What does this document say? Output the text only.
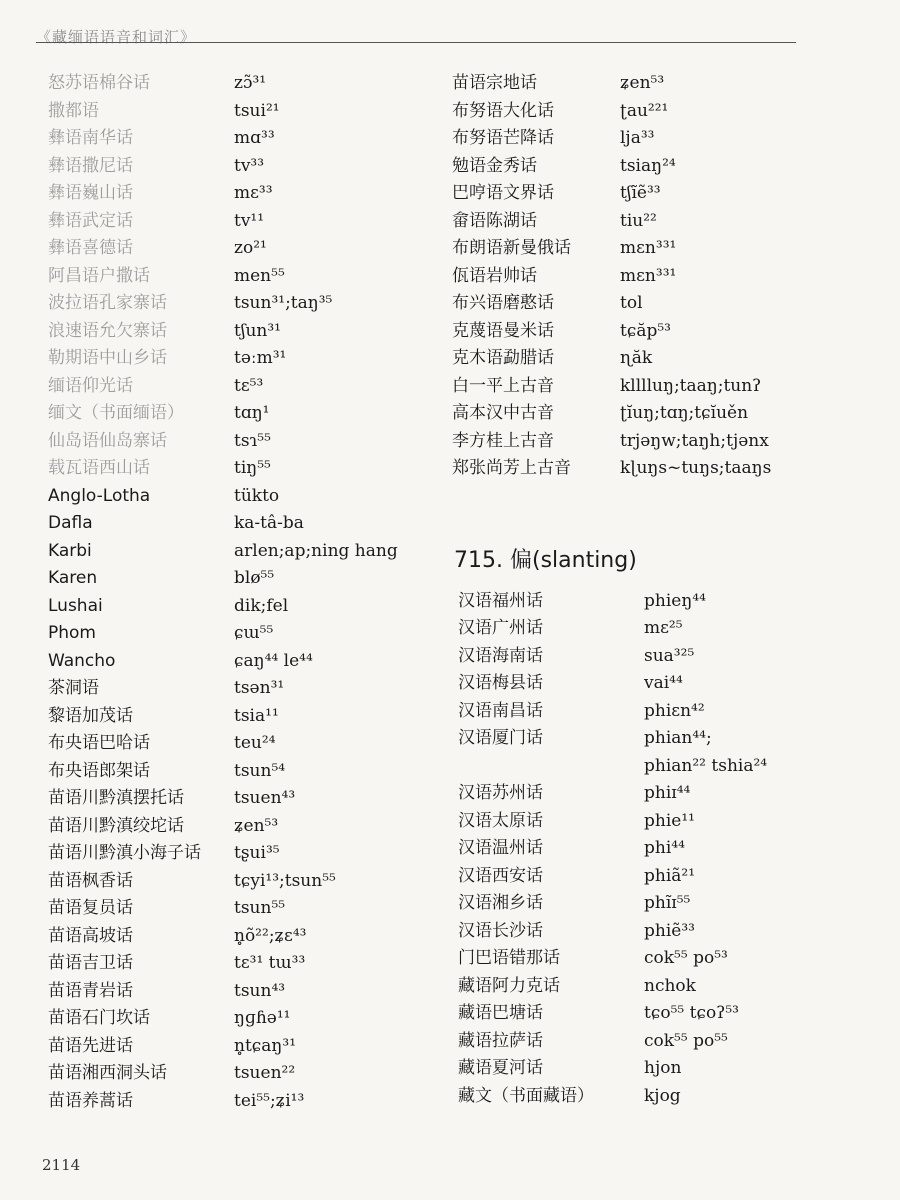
《藏缅语语音和词汇》
怒苏语棉谷话	zɔ̃³¹
撒都语	tsui²¹
彝语南华话	mɑ³³
彝语撒尼话	tv³³
彝语巍山话	mɛ³³
彝语武定话	tv¹¹
彝语喜德话	zo²¹
阿昌语户撒话	men⁵⁵
波拉语孔家寨话	tsun³¹;taŋ³⁵
浪速语允欠寨话	tʃun³¹
勒期语中山乡话	təːm³¹
缅语仰光话	tɛ⁵³
缅文（书面缅语）	tɑŋ¹
仙岛语仙岛寨话	tsɿ⁵⁵
载瓦语西山话	tiŋ⁵⁵
Anglo-Lotha	tükto
Dafla	ka-tâ-ba
Karbi	arlen;ap;ning hang
Karen	blø⁵⁵
Lushai	dik;fel
Phom	ɕɯ⁵⁵
Wancho	ɕaŋ⁴⁴ le⁴⁴
茶洞语	tsən³¹
黎语加茂话	tsia¹¹
布央语巴哈话	teu²⁴
布央语郎架话	tsun⁵⁴
苗语川黔滇摆托话	tsuen⁴³
苗语川黔滇绞坨话	ʑen⁵³
苗语川黔滇小海子话	tʂui³⁵
苗语枫香话	tɕyi¹³;tsun⁵⁵
苗语复员话	tsun⁵⁵
苗语高坡话	n̥õ²²;ʑɛ⁴³
苗语吉卫话	tɛ³¹ tɯ³³
苗语青岩话	tsun⁴³
苗语石门坎话	ŋɡɦə¹¹
苗语先进话	n̥tɕaŋ³¹
苗语湘西洞头话	tsuen²²
苗语养蒿话	tei⁵⁵;ʑi¹³
苗语宗地话	ʑen⁵³
布努语大化话	ʈau²²¹
布努语芒降话	lja³³
勉语金秀话	tsiaŋ²⁴
巴哼语文界话	tʃĩẽ³³
畲语陈湖话	tiu²²
布朗语新曼俄话	mɛn³³¹
佤语岩帅话	mɛn³³¹
布兴语磨憨话	tol
克蔑语曼米话	tɕăp⁵³
克木语勐腊话	ɳăk
白一平上古音	klllluŋ;taaŋ;tunʔ
高本汉中古音	ʈĭuŋ;tɑŋ;tɕĭuěn
李方桂上古音	trjəŋw;taŋh;tjənx
郑张尚芳上古音	kɭuŋs~tuŋs;taaŋs
715. 偏(slanting)
汉语福州话	phieŋ⁴⁴
汉语广州话	mɛ²⁵
汉语海南话	sua³²⁵
汉语梅县话	vai⁴⁴
汉语南昌话	phiɛn⁴²
汉语厦门话	phian⁴⁴;
phian²² tshia²⁴
汉语苏州话	phiɪ⁴⁴
汉语太原话	phie¹¹
汉语温州话	phi⁴⁴
汉语西安话	phiã²¹
汉语湘乡话	phĩɪ⁵⁵
汉语长沙话	phiẽ³³
门巴语错那话	cok⁵⁵ po⁵³
藏语阿力克话	nchok
藏语巴塘话	tɕo⁵⁵ tɕoʔ⁵³
藏语拉萨话	cok⁵⁵ po⁵⁵
藏语夏河话	hjon
藏文（书面藏语）	kjog
2114
